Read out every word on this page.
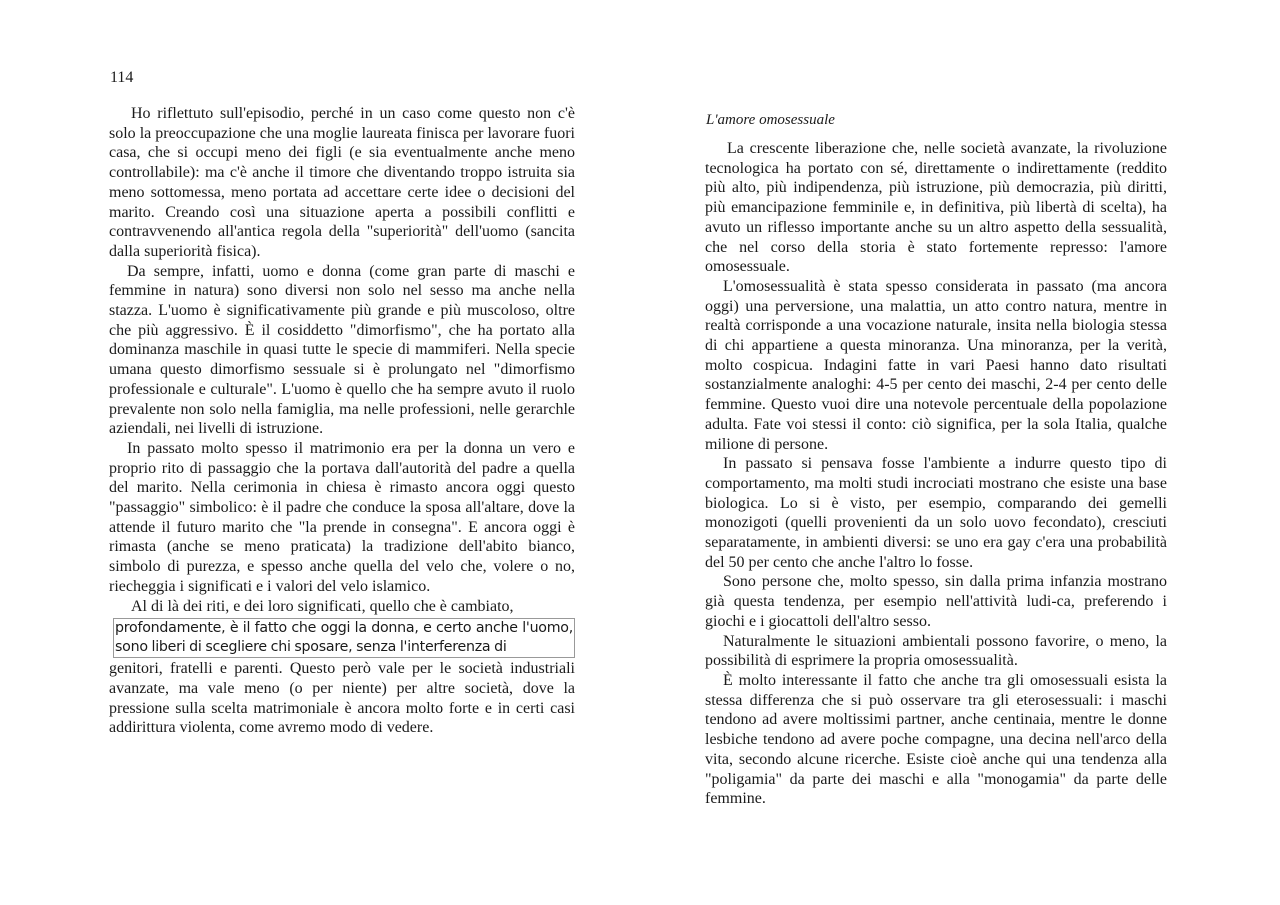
114

Ho riflettuto sull'episodio, perché in un caso come questo non c'è solo la preoccupazione che una moglie laureata finisca per lavorare fuori casa, che si occupi meno dei figli (e sia eventualmente anche meno controllabile): ma c'è anche il timore che diventando troppo istruita sia meno sottomessa, meno portata ad accettare certe idee o decisioni del marito. Creando così una situazione aperta a possibili conflitti e contravvenendo all'antica regola della "superiorità" dell'uomo (sancita dalla superiorità fisica).

Da sempre, infatti, uomo e donna (come gran parte di maschi e femmine in natura) sono diversi non solo nel sesso ma anche nella stazza. L'uomo è significativamente più grande e più muscoloso, oltre che più aggressivo. È il cosiddetto "dimorfismo", che ha portato alla dominanza maschile in quasi tutte le specie di mammiferi. Nella specie umana questo dimorfismo sessuale si è prolungato nel "dimorfismo professionale e culturale". L'uomo è quello che ha sempre avuto il ruolo prevalente non solo nella famiglia, ma nelle professioni, nelle gerarchle aziendali, nei livelli di istruzione.

In passato molto spesso il matrimonio era per la donna un vero e proprio rito di passaggio che la portava dall'autorità del padre a quella del marito. Nella cerimonia in chiesa è rimasto ancora oggi questo "passaggio" simbolico: è il padre che conduce la sposa all'altare, dove la attende il futuro marito che "la prende in consegna". E ancora oggi è rimasta (anche se meno praticata) la tradizione dell'abito bianco, simbolo di purezza, e spesso anche quella del velo che, volere o no, riecheggia i significati e i valori del velo islamico.

Al di là dei riti, e dei loro significati, quello che è cambiato,

profondamente, è il fatto che oggi la donna, e certo anche l'uomo, sono liberi di scegliere chi sposare, senza l'interferenza di

genitori, fratelli e parenti. Questo però vale per le società industriali avanzate, ma vale meno (o per niente) per altre società, dove la pressione sulla scelta matrimoniale è ancora molto forte e in certi casi addirittura violenta, come avremo modo di vedere.

L'amore omosessuale

La crescente liberazione che, nelle società avanzate, la rivoluzione tecnologica ha portato con sé, direttamente o indirettamente (reddito più alto, più indipendenza, più istruzione, più democrazia, più diritti, più emancipazione femminile e, in definitiva, più libertà di scelta), ha avuto un riflesso importante anche su un altro aspetto della sessualità, che nel corso della storia è stato fortemente represso: l'amore omosessuale.

L'omosessualità è stata spesso considerata in passato (ma ancora oggi) una perversione, una malattia, un atto contro natura, mentre in realtà corrisponde a una vocazione naturale, insita nella biologia stessa di chi appartiene a questa minoranza. Una minoranza, per la verità, molto cospicua. Indagini fatte in vari Paesi hanno dato risultati sostanzialmente analoghi: 4-5 per cento dei maschi, 2-4 per cento delle femmine. Questo vuoi dire una notevole percentuale della popolazione adulta. Fate voi stessi il conto: ciò significa, per la sola Italia, qualche milione di persone.

In passato si pensava fosse l'ambiente a indurre questo tipo di comportamento, ma molti studi incrociati mostrano che esiste una base biologica. Lo si è visto, per esempio, comparando dei gemelli monozigoti (quelli provenienti da un solo uovo fecondato), cresciuti separatamente, in ambienti diversi: se uno era gay c'era una probabilità del 50 per cento che anche l'altro lo fosse.

Sono persone che, molto spesso, sin dalla prima infanzia mostrano già questa tendenza, per esempio nell'attività ludi-ca, preferendo i giochi e i giocattoli dell'altro sesso.

Naturalmente le situazioni ambientali possono favorire, o meno, la possibilità di esprimere la propria omosessualità.

È molto interessante il fatto che anche tra gli omosessuali esista la stessa differenza che si può osservare tra gli eterosessuali: i maschi tendono ad avere moltissimi partner, anche centinaia, mentre le donne lesbiche tendono ad avere poche compagne, una decina nell'arco della vita, secondo alcune ricerche. Esiste cioè anche qui una tendenza alla "poligamia" da parte dei maschi e alla "monogamia" da parte delle femmine.
